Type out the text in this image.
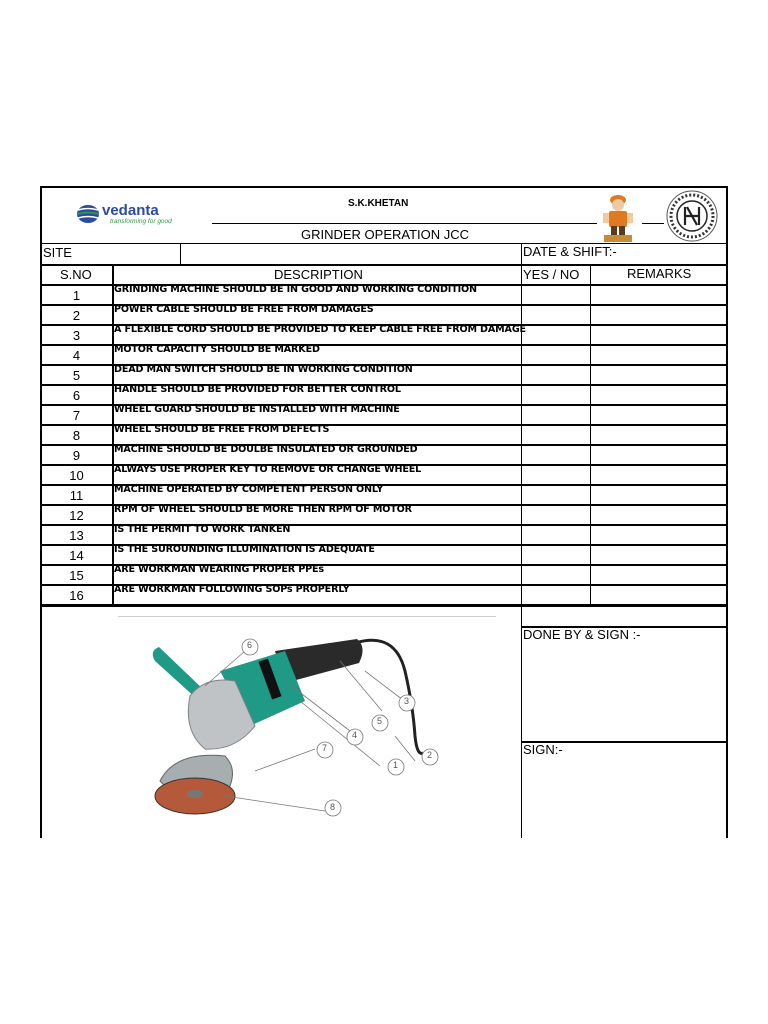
vedanta
transforming for good
S.K.KHETAN
GRINDER OPERATION JCC
SITE	DATE & SHIFT:-
S.NO	DESCRIPTION	YES / NO	REMARKS
1	GRINDING MACHINE SHOULD BE IN GOOD AND WORKING CONDITION
2	POWER CABLE SHOULD BE FREE FROM DAMAGES
3	A FLEXIBLE CORD SHOULD BE PROVIDED TO KEEP CABLE FREE FROM DAMAGE
4	MOTOR CAPACITY SHOULD BE MARKED
5	DEAD MAN SWITCH SHOULD BE IN WORKING CONDITION
6	HANDLE SHOULD BE PROVIDED FOR BETTER CONTROL
7	WHEEL GUARD SHOULD BE INSTALLED WITH MACHINE
8	WHEEL SHOULD BE FREE FROM DEFECTS
9	MACHINE SHOULD BE DOULBE INSULATED OR GROUNDED
10	ALWAYS USE PROPER KEY TO REMOVE OR CHANGE WHEEL
11	MACHINE OPERATED BY COMPETENT PERSON ONLY
12	RPM OF WHEEL SHOULD BE MORE THEN RPM OF MOTOR
13	IS THE PERMIT TO WORK TANKEN
14	IS THE SUROUNDING ILLUMINATION IS ADEQUATE
15	ARE WORKMAN WEARING PROPER PPEs
16	ARE WORKMAN FOLLOWING SOPs PROPERLY
DONE BY & SIGN :-
SIGN:-
6
1
3
4
5
2
7
8
